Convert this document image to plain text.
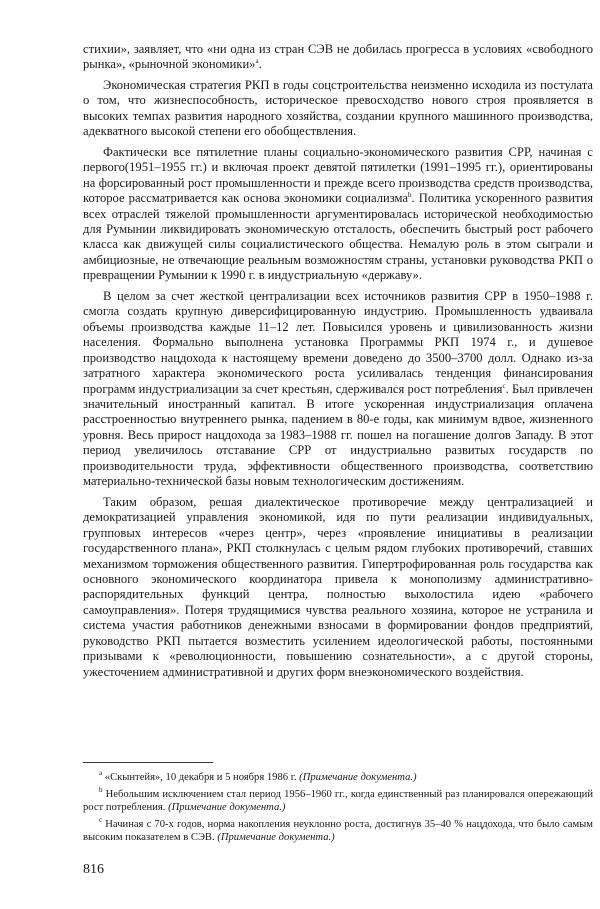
стихии», заявляет, что «ни одна из стран СЭВ не добилась прогресса в условиях «свободного рынка», «рыночной экономики»$^a$.

Экономическая стратегия РКП в годы соцстроительства неизменно исходила из постулата о том, что жизнеспособность, историческое превосходство нового строя проявляется в высоких темпах развития народного хозяйства, создании крупного машинного производства, адекватного высокой степени его обобществления.

Фактически все пятилетние планы социально-экономического развития СРР, начиная с первого(1951–1955 гг.) и включая проект девятой пятилетки (1991–1995 гг.), ориентированы на форсированный рост промышленности и прежде всего производства средств производства, которое рассматривается как основа экономики социализма$^b$. Политика ускоренного развития всех отраслей тяжелой промышленности аргументировалась исторической необходимостью для Румынии ликвидировать экономическую отсталость, обеспечить быстрый рост рабочего класса как движущей силы социалистического общества. Немалую роль в этом сыграли и амбициозные, не отвечающие реальным возможностям страны, установки руководства РКП о превращении Румынии к 1990 г. в индустриальную «державу».

В целом за счет жесткой централизации всех источников развития СРР в 1950–1988 г. смогла создать крупную диверсифицированную индустрию. Промышленность удваивала объемы производства каждые 11–12 лет. Повысился уровень и цивилизованность жизни населения. Формально выполнена установка Программы РКП 1974 г., и душевое производство нацдохода к настоящему времени доведено до 3500–3700 долл. Однако из-за затратного характера экономического роста усиливалась тенденция финансирования программ индустриализации за счет крестьян, сдерживался рост потребления$^c$. Был привлечен значительный иностранный капитал. В итоге ускоренная индустриализация оплачена расстроенностью внутреннего рынка, падением в 80-е годы, как минимум вдвое, жизненного уровня. Весь прирост нацдохода за 1983–1988 гг. пошел на погашение долгов Западу. В этот период увеличилось отставание СРР от индустриально развитых государств по производительности труда, эффективности общественного производства, соответствию материально-технической базы новым технологическим достижениям.

Таким образом, решая диалектическое противоречие между централизацией и демократизацией управления экономикой, идя по пути реализации индивидуальных, групповых интересов «через центр», через «проявление инициативы в реализации государственного плана», РКП столкнулась с целым рядом глубоких противоречий, ставших механизмом торможения общественного развития. Гипертрофированная роль государства как основного экономического координатора привела к монополизму административно-распорядительных функций центра, полностью выхолостила идею «рабочего самоуправления». Потеря трудящимися чувства реального хозяина, которое не устранила и система участия работников денежными взносами в формировании фондов предприятий, руководство РКП пытается возместить усилением идеологической работы, постоянными призывами к «революционности, повышению сознательности», а с другой стороны, ужесточением административной и других форм внеэкономического воздействия.

$^a$ «Скынтейя», 10 декабря и 5 ноября 1986 г. (Примечание документа.)

$^b$ Небольшим исключением стал период 1956–1960 гг., когда единственный раз планировался опережающий рост потребления. (Примечание документа.)

$^c$ Начиная с 70-х годов, норма накопления неуклонно роста, достигнув 35–40 % нацдохода, что было самым высоким показателем в СЭВ. (Примечание документа.)

816
